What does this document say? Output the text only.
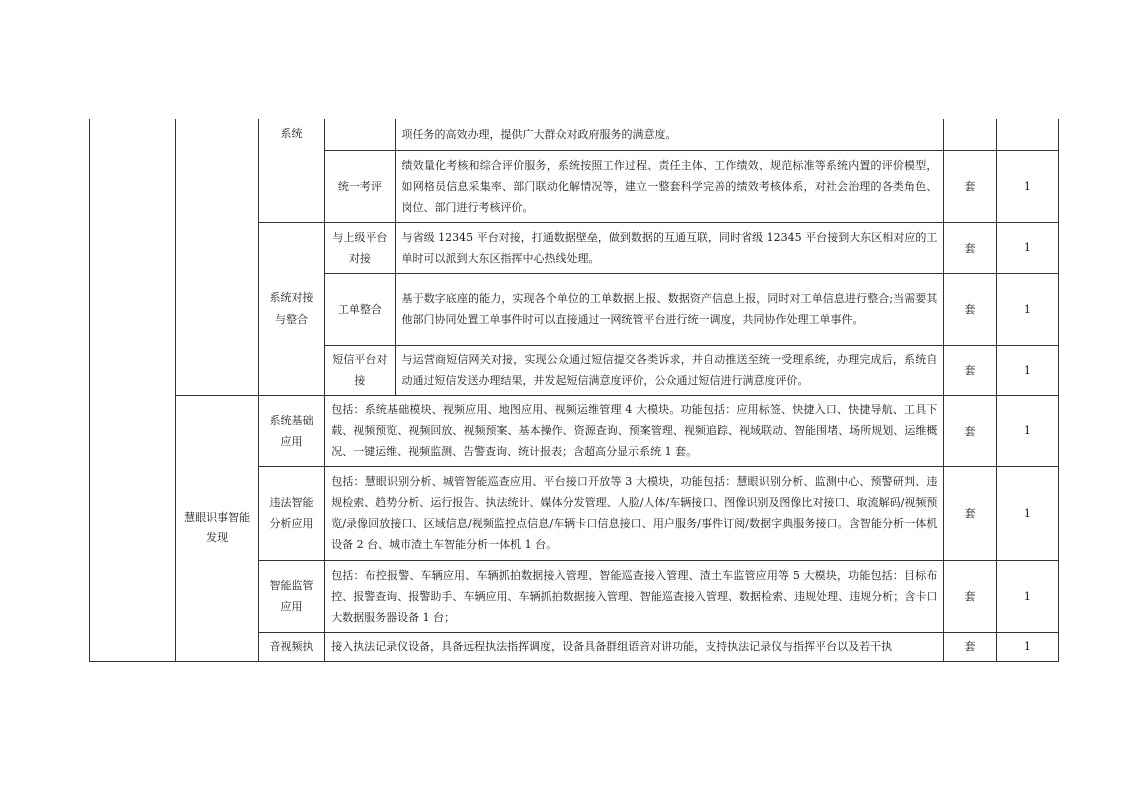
		系统		项任务的高效办理，提供广大群众对政府服务的满意度。		
			统一考评	绩效量化考核和综合评价服务，系统按照工作过程、责任主体、工作绩效、规范标准等系统内置的评价模型，如网格员信息采集率、部门联动化解情况等，建立一整套科学完善的绩效考核体系，对社会治理的各类角色、岗位、部门进行考核评价。	套	1
		系统对接与整合	与上级平台对接	与省级 12345 平台对接，打通数据壁垒，做到数据的互通互联，同时省级 12345 平台接到大东区相对应的工单时可以派到大东区指挥中心热线处理。	套	1
			工单整合	基于数字底座的能力，实现各个单位的工单数据上报、数据资产信息上报，同时对工单信息进行整合;当需要其他部门协同处置工单事件时可以直接通过一网统管平台进行统一调度，共同协作处理工单事件。	套	1
			短信平台对接	与运营商短信网关对接，实现公众通过短信提交各类诉求，并自动推送至统一受理系统，办理完成后，系统自动通过短信发送办理结果，并发起短信满意度评价，公众通过短信进行满意度评价。	套	1
	慧眼识事智能发现	系统基础应用	包括：系统基础模块、视频应用、地图应用、视频运维管理 4 大模块。功能包括：应用标签、快捷入口、快捷导航、工具下载、视频预览、视频回放、视频预案、基本操作、资源查询、预案管理、视频追踪、视域联动、智能围堵、场所规划、运维概况、一键运维、视频监测、告警查询、统计报表；含超高分显示系统 1 套。		套	1
		违法智能分析应用	包括：慧眼识别分析、城管智能巡查应用、平台接口开放等 3 大模块，功能包括：慧眼识别分析、监测中心、预警研判、违规检索、趋势分析、运行报告、执法统计、媒体分发管理、人脸/人体/车辆接口、图像识别及图像比对接口、取流解码/视频预览/录像回放接口、区域信息/视频监控点信息/车辆卡口信息接口、用户服务/事件订阅/数据字典服务接口。含智能分析一体机设备 2 台、城市渣土车智能分析一体机 1 台。		套	1
		智能监管应用	包括：布控报警、车辆应用、车辆抓拍数据接入管理、智能巡查接入管理、渣土车监管应用等 5 大模块，功能包括：目标布控、报警查询、报警助手、车辆应用、车辆抓拍数据接入管理、智能巡查接入管理、数据检索、违规处理、违规分析；含卡口大数据服务器设备 1 台；		套	1
		音视频执	接入执法记录仪设备，具备远程执法指挥调度，设备具备群组语音对讲功能，支持执法记录仪与指挥平台以及若干执		套	1
